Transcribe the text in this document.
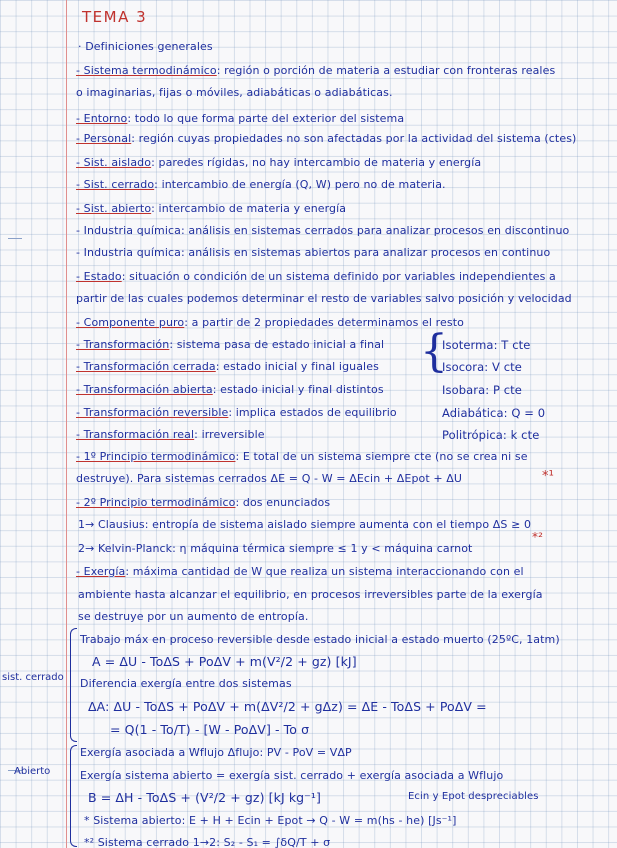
TEMA 3
· Definiciones generales
- Sistema termodinámico: región o porción de materia a estudiar con fronteras reales
o imaginarias, fijas o móviles, adiabáticas o adiabáticas.
- Entorno: todo lo que forma parte del exterior del sistema
- Personal: región cuyas propiedades no son afectadas por la actividad del sistema (ctes)
- Sist. aislado: paredes rígidas, no hay intercambio de materia y energía
- Sist. cerrado: intercambio de energía (Q, W) pero no de materia.
- Sist. abierto: intercambio de materia y energía
- Industria química: análisis en sistemas cerrados para analizar procesos en discontinuo
- Industria química: análisis en sistemas abiertos para analizar procesos en continuo
- Estado: situación o condición de un sistema definido por variables independientes a
partir de las cuales podemos determinar el resto de variables salvo posición y velocidad
- Componente puro: a partir de 2 propiedades determinamos el resto
- Transformación: sistema pasa de estado inicial a final
- Transformación cerrada: estado inicial y final iguales
- Transformación abierta: estado inicial y final distintos
- Transformación reversible: implica estados de equilibrio
- Transformación real: irreversible
- 1º Principio termodinámico: E total de un sistema siempre cte (no se crea ni se
destruye). Para sistemas cerrados ΔE = Q - W = ΔEcin + ΔEpot + ΔU
- 2º Principio termodinámico: dos enunciados
1→ Clausius: entropía de sistema aislado siempre aumenta con el tiempo ΔS ≥ 0
2→ Kelvin-Planck: η máquina térmica siempre ≤ 1 y < máquina carnot
- Exergía: máxima cantidad de W que realiza un sistema interaccionando con el
ambiente hasta alcanzar el equilibrio, en procesos irreversibles parte de la exergía
se destruye por un aumento de entropía.
Trabajo máx en proceso reversible desde estado inicial a estado muerto (25ºC, 1atm)
A = ΔU - ToΔS + PoΔV + m(V²/2 + gz) [kJ]
Diferencia exergía entre dos sistemas
ΔA: ΔU - ToΔS + PoΔV + m(ΔV²/2 + gΔz) = ΔE - ToΔS + PoΔV =
= Q(1 - To/T) - [W - PoΔV] - To σ
Exergía asociada a Wflujo Δflujo: PV - PoV = VΔP
Exergía sistema abierto = exergía sist. cerrado + exergía asociada a Wflujo
B = ΔH - ToΔS + (V²/2 + gz) [kJ kg⁻¹]
* Sistema abierto: E + H + Ecin + Epot → Q - W = m(hs - he) [Js⁻¹]
*² Sistema cerrado 1→2: S₂ - S₁ = ∫δQ/T + σ
{
Isoterma: T cte
Isocora: V cte
Isobara: P cte
Adiabática: Q = 0
Politrópica: k cte
sist. cerrado
Abierto
*¹
*²
Ecin y Epot despreciables
